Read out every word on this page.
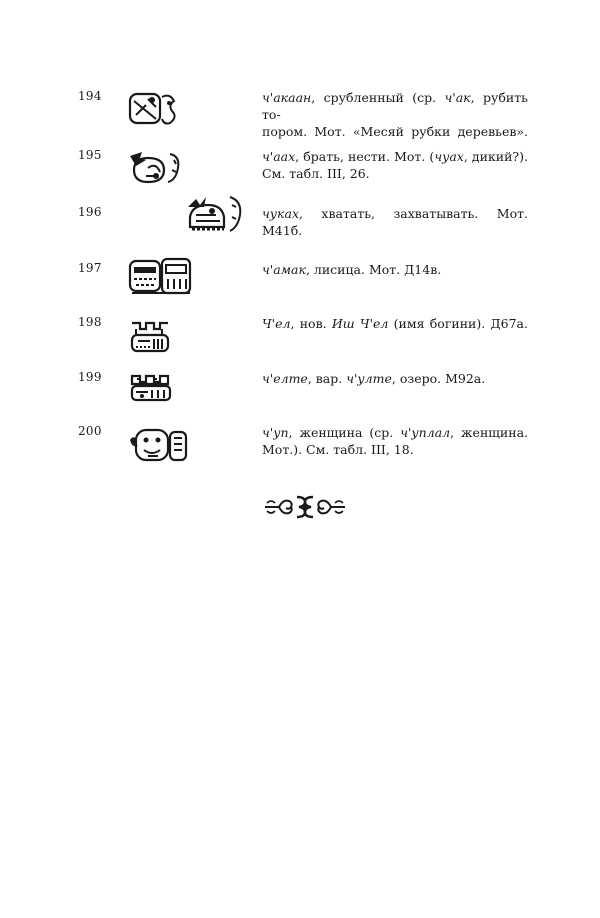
194	ч'акаан, срубленный (ср. ч'ак, рубить то-
пором. Мот. «Месяй рубки деревьев».
195	ч'аах, брать, нести. Мот. (чуах, дикий?).
См. табл. III, 26.
196	чуках, хватать, захватывать. Мот. М41б.
197	ч'амак, лисица. Мот. Д14в.
198	Ч'ел, нов. Иш Ч'ел (имя богини). Д67а.
199	ч'елте, вар. ч'улте, озеро. М92а.
200	ч'уп, женщина (ср. ч'уплал, женщина.
Мот.). См. табл. III, 18.
